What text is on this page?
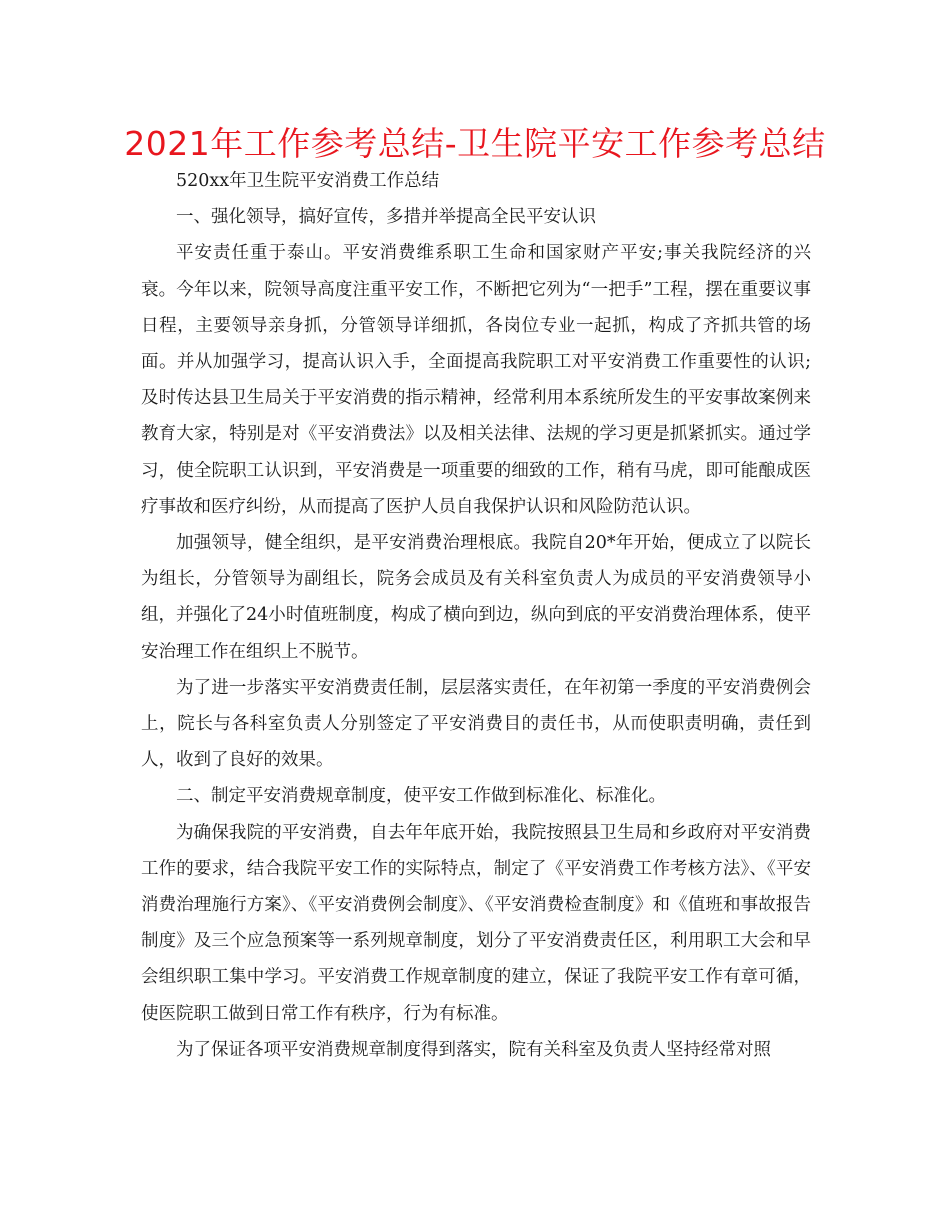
2021年工作参考总结-卫生院平安工作参考总结

520xx年卫生院平安消费工作总结

一、强化领导，搞好宣传，多措并举提高全民平安认识

平安责任重于泰山。平安消费维系职工生命和国家财产平安;事关我院经济的兴衰。今年以来，院领导高度注重平安工作，不断把它列为“一把手”工程，摆在重要议事日程，主要领导亲身抓，分管领导详细抓，各岗位专业一起抓，构成了齐抓共管的场面。并从加强学习，提高认识入手，全面提高我院职工对平安消费工作重要性的认识;及时传达县卫生局关于平安消费的指示精神，经常利用本系统所发生的平安事故案例来教育大家，特别是对《平安消费法》以及相关法律、法规的学习更是抓紧抓实。通过学习，使全院职工认识到，平安消费是一项重要的细致的工作，稍有马虎，即可能酿成医疗事故和医疗纠纷，从而提高了医护人员自我保护认识和风险防范认识。

加强领导，健全组织，是平安消费治理根底。我院自20*年开始，便成立了以院长为组长，分管领导为副组长，院务会成员及有关科室负责人为成员的平安消费领导小组，并强化了24小时值班制度，构成了横向到边，纵向到底的平安消费治理体系，使平安治理工作在组织上不脱节。

为了进一步落实平安消费责任制，层层落实责任，在年初第一季度的平安消费例会上，院长与各科室负责人分别签定了平安消费目的责任书，从而使职责明确，责任到人，收到了良好的效果。

二、制定平安消费规章制度，使平安工作做到标准化、标准化。

为确保我院的平安消费，自去年年底开始，我院按照县卫生局和乡政府对平安消费工作的要求，结合我院平安工作的实际特点，制定了《平安消费工作考核方法》、《平安消费治理施行方案》、《平安消费例会制度》、《平安消费检查制度》和《值班和事故报告制度》及三个应急预案等一系列规章制度，划分了平安消费责任区，利用职工大会和早会组织职工集中学习。平安消费工作规章制度的建立，保证了我院平安工作有章可循，使医院职工做到日常工作有秩序，行为有标准。

为了保证各项平安消费规章制度得到落实，院有关科室及负责人坚持经常对照
